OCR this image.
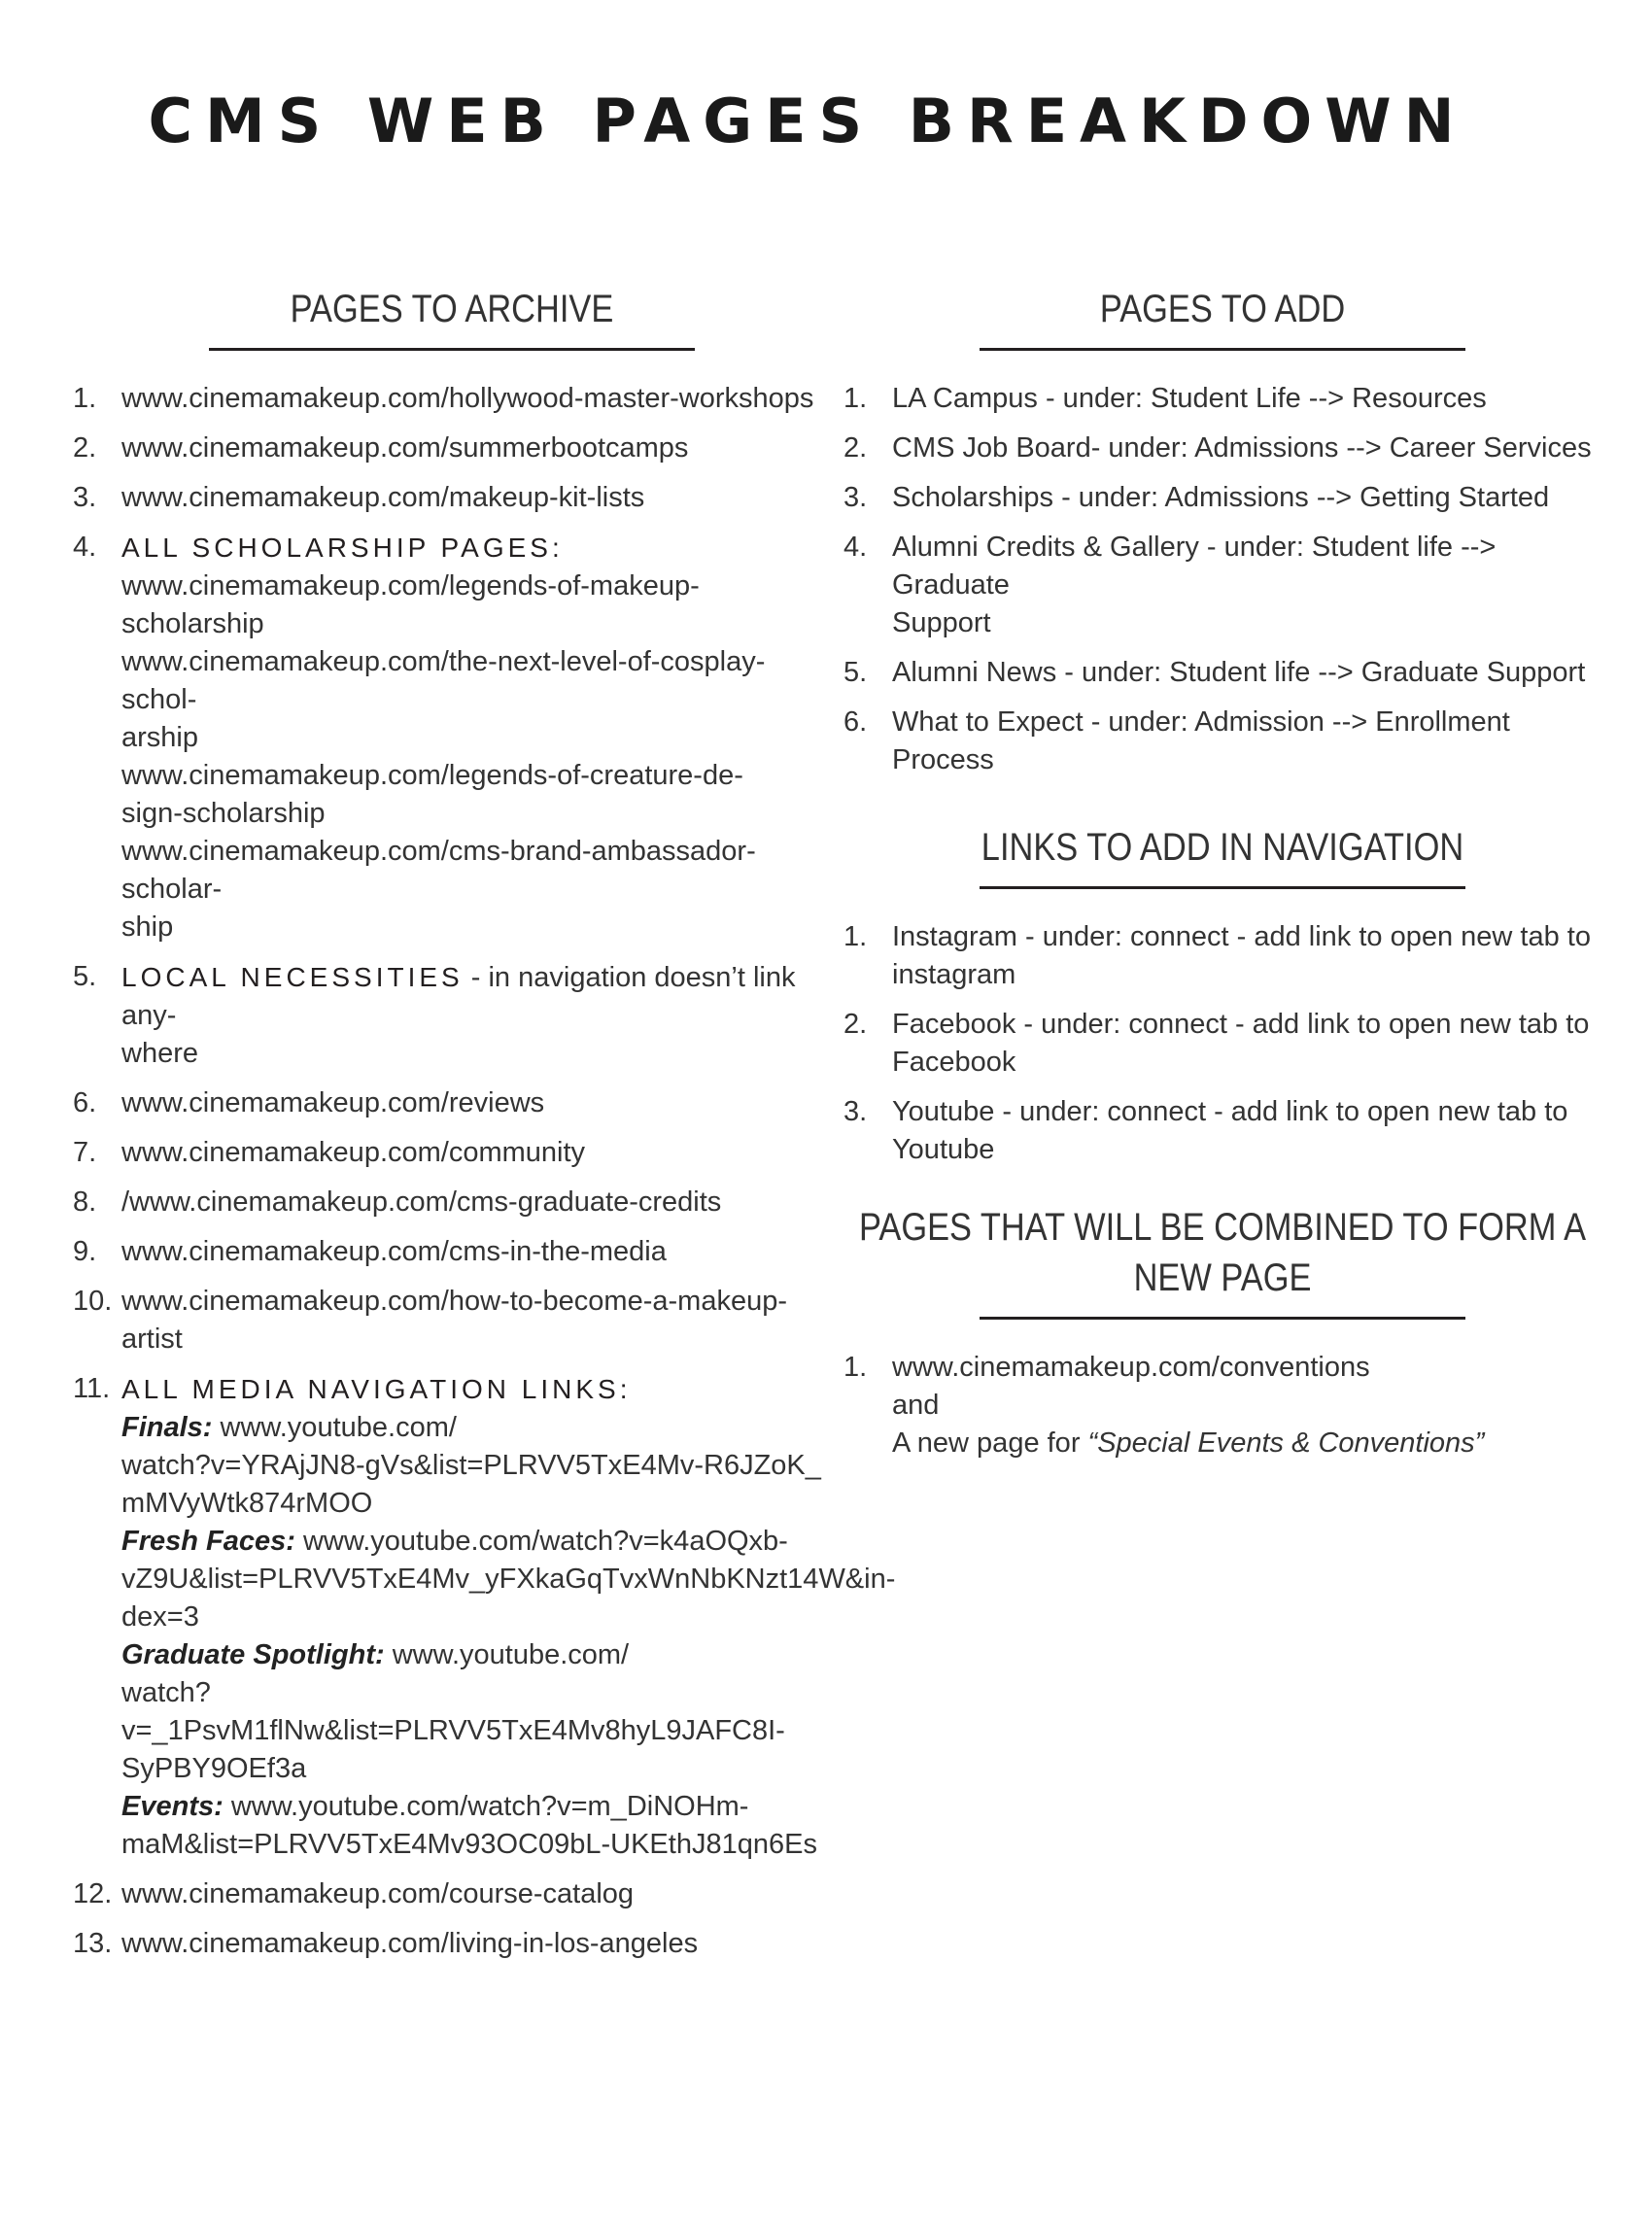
CMS WEB PAGES BREAKDOWN
PAGES TO ARCHIVE
1. www.cinemamakeup.com/hollywood-master-workshops
2. www.cinemamakeup.com/summerbootcamps
3. www.cinemamakeup.com/makeup-kit-lists
4. ALL SCHOLARSHIP PAGES:
www.cinemamakeup.com/legends-of-makeup-scholarship
www.cinemamakeup.com/the-next-level-of-cosplay-schol-
arship
www.cinemamakeup.com/legends-of-creature-de-
sign-scholarship
www.cinemamakeup.com/cms-brand-ambassador-scholar-
ship
5. LOCAL NECESSITIES - in navigation doesn’t link any-
where
6. www.cinemamakeup.com/reviews
7. www.cinemamakeup.com/community
8. /www.cinemamakeup.com/cms-graduate-credits
9. www.cinemamakeup.com/cms-in-the-media
10. www.cinemamakeup.com/how-to-become-a-makeup-artist
11. ALL MEDIA NAVIGATION LINKS:
Finals: www.youtube.com/
watch?v=YRAjJN8-gVs&list=PLRVV5TxE4Mv-R6JZoK_
mMVyWtk874rMOO
Fresh Faces: www.youtube.com/watch?v=k4aOQxb-
vZ9U&list=PLRVV5TxE4Mv_yFXkaGqTvxWnNbKNzt14W&in-
dex=3
Graduate Spotlight: www.youtube.com/
watch?v=_1PsvM1flNw&list=PLRVV5TxE4Mv8hyL9JAFC8I-
SyPBY9OEf3a
Events: www.youtube.com/watch?v=m_DiNOHm-
maM&list=PLRVV5TxE4Mv93OC09bL-UKEthJ81qn6Es
12. www.cinemamakeup.com/course-catalog
13. www.cinemamakeup.com/living-in-los-angeles
PAGES TO ADD
1. LA Campus - under: Student Life --> Resources
2. CMS Job Board- under: Admissions --> Career Services
3. Scholarships - under: Admissions --> Getting Started
4. Alumni Credits & Gallery - under: Student life --> Graduate
Support
5. Alumni News - under: Student life --> Graduate Support
6. What to Expect - under: Admission --> Enrollment Process
LINKS TO ADD IN NAVIGATION
1. Instagram - under: connect - add link to open new tab to
instagram
2. Facebook - under: connect - add link to open new tab to
Facebook
3. Youtube - under: connect - add link to open new tab to
Youtube
PAGES THAT WILL BE COMBINED TO FORM A
NEW PAGE
1. www.cinemamakeup.com/conventions
and
A new page for “Special Events & Conventions”
